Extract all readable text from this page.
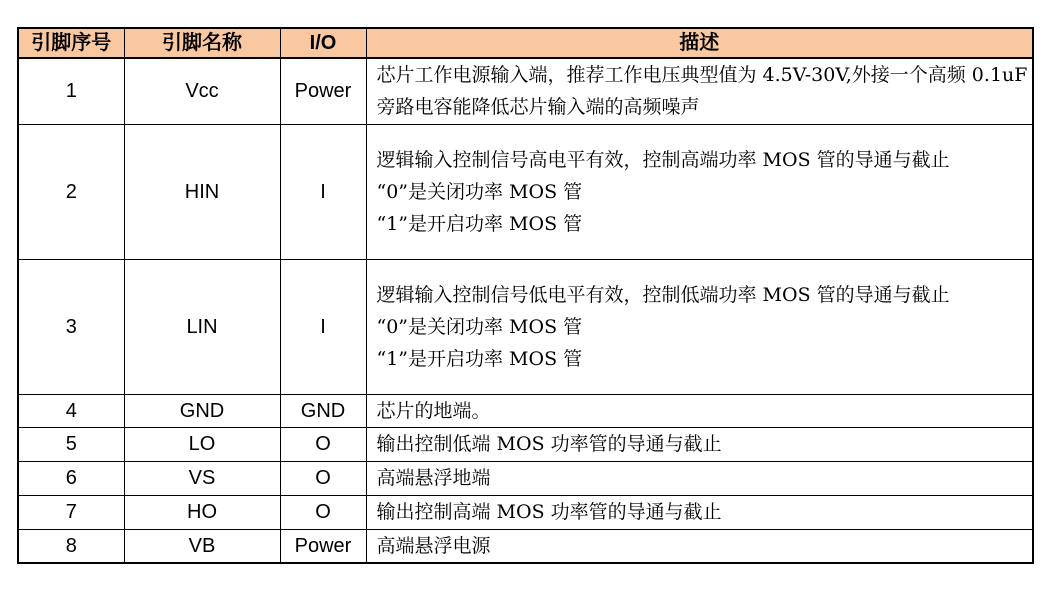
引脚序号	引脚名称	I/O	描述
1	Vcc	Power	芯片工作电源输入端，推荐工作电压典型值为 4.5V-30V,外接一个高频 0.1uF 旁路电容能降低芯片输入端的高频噪声

2	HIN	I	逻辑输入控制信号高电平有效，控制高端功率 MOS 管的导通与截止
“0”是关闭功率 MOS 管
“1”是开启功率 MOS 管

3	LIN	I	逻辑输入控制信号低电平有效，控制低端功率 MOS 管的导通与截止
“0”是关闭功率 MOS 管
“1”是开启功率 MOS 管

4	GND	GND	芯片的地端。

5	LO	O	输出控制低端 MOS 功率管的导通与截止

6	VS	O	高端悬浮地端

7	HO	O	输出控制高端 MOS 功率管的导通与截止

8	VB	Power	高端悬浮电源
